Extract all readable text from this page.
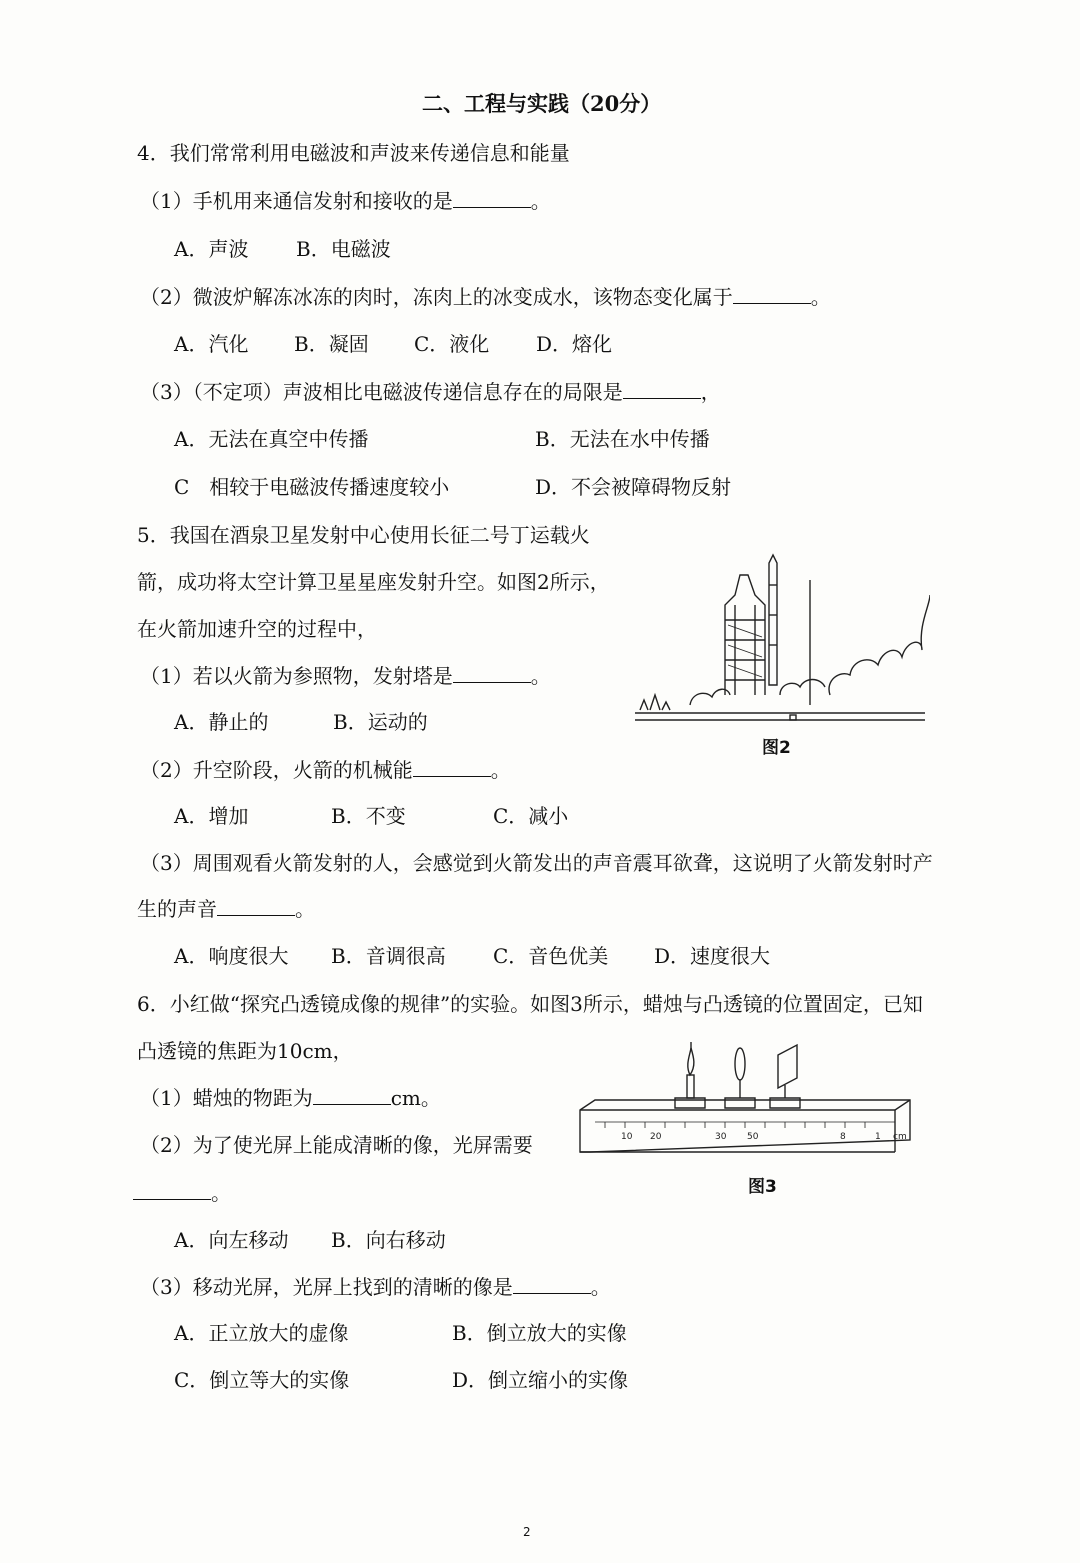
二、工程与实践（20分）
4．我们常常利用电磁波和声波来传递信息和能量
（1）手机用来通信发射和接收的是	。
A．声波 B．电磁波
（2）微波炉解冻冰冻的肉时，冻肉上的冰变成水，该物态变化属于	。
A．汽化 B．凝固 C．液化 D．熔化
（3）（不定项）声波相比电磁波传递信息存在的局限是	，
A．无法在真空中传播	B．无法在水中传播
C　相较于电磁波传播速度较小	D．不会被障碍物反射
5．我国在酒泉卫星发射中心使用长征二号丁运载火
箭，成功将太空计算卫星星座发射升空。如图2所示，
在火箭加速升空的过程中，
（1）若以火箭为参照物，发射塔是	。
A．静止的	B．运动的
图2
（2）升空阶段，火箭的机械能	。
A．增加	B．不变	C．减小
（3）周围观看火箭发射的人，会感觉到火箭发出的声音震耳欲聋，这说明了火箭发射时产
生的声音	。
A．响度很大 B．音调很高 C．音色优美 D．速度很大
6．小红做“探究凸透镜成像的规律”的实验。如图3所示，蜡烛与凸透镜的位置固定，已知
凸透镜的焦距为10cm，
（1）蜡烛的物距为	cm。
（2）为了使光屏上能成清晰的像，光屏需要
。
10 20	30 50	8	1 cm
图3
A．向左移动 B．向右移动
（3）移动光屏，光屏上找到的清晰的像是	。
A．正立放大的虚像	B．倒立放大的实像
C．倒立等大的实像	D．倒立缩小的实像
2
